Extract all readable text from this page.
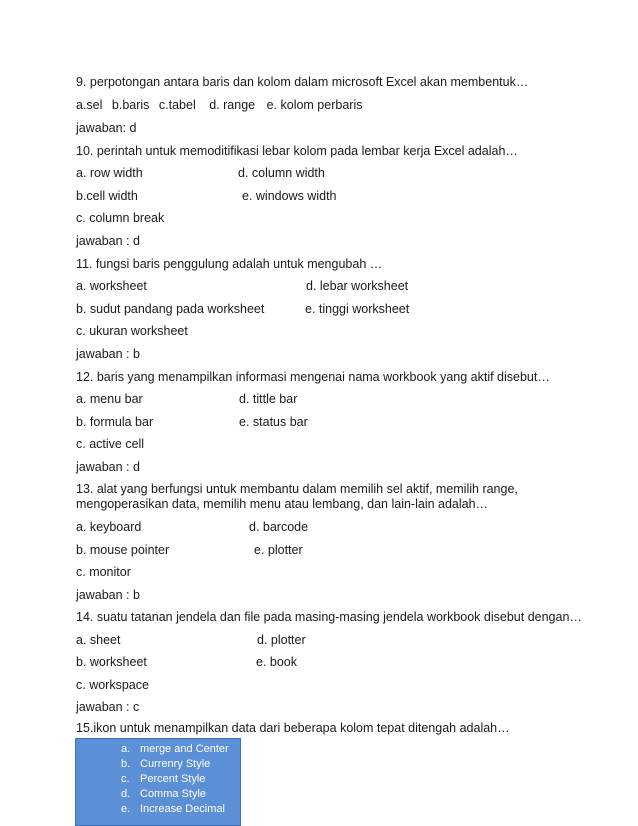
9. perpotongan antara baris dan kolom dalam microsoft Excel akan membentuk…
a.sel b.baris c.tabel d. range e. kolom perbaris
jawaban: d
10. perintah untuk memoditifikasi lebar kolom pada lembar kerja Excel adalah…
a. row width	d. column width
b.cell width	e. windows width
c. column break
jawaban : d
11. fungsi baris penggulung adalah untuk mengubah …
a. worksheet	d. lebar worksheet
b. sudut pandang pada worksheet	e. tinggi worksheet
c. ukuran worksheet
jawaban : b
12. baris yang menampilkan informasi mengenai nama workbook yang aktif disebut…
a. menu bar	d. tittle bar
b. formula bar	e. status bar
c. active cell
jawaban : d
13. alat yang berfungsi untuk membantu dalam memilih sel aktif, memilih range, mengoperasikan data, memilih menu atau lembang, dan lain-lain adalah…
a. keyboard	d. barcode
b. mouse pointer	e. plotter
c. monitor
jawaban : b
14. suatu tatanan jendela dan file pada masing-masing jendela workbook disebut dengan…
a. sheet	d. plotter
b. worksheet	e. book
c. workspace
jawaban : c
15.ikon untuk menampilkan data dari beberapa kolom tepat ditengah adalah…
a. merge and Center
b. Currenry Style
c. Percent Style
d. Comma Style
e. Increase Decimal
